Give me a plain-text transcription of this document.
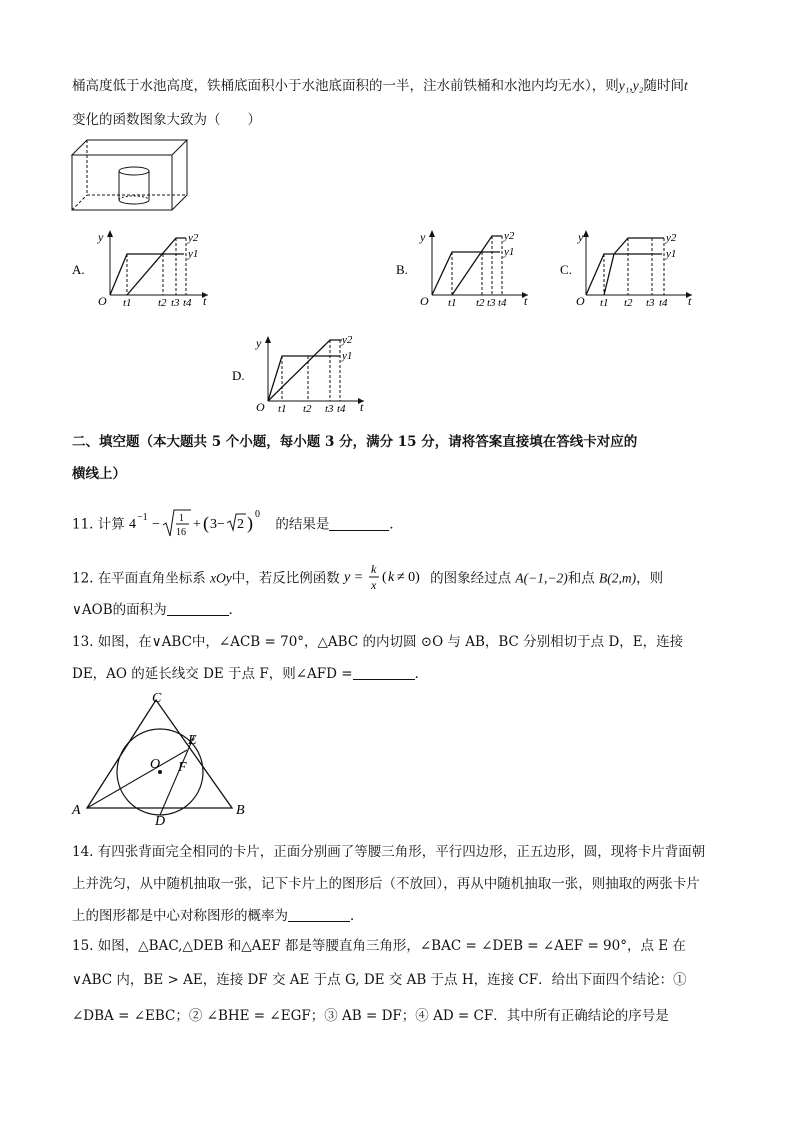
桶高度低于水池高度，铁桶底面积小于水池底面积的一半，注水前铁桶和水池内均无水），则y₁,y₂随时间t
变化的函数图象大致为（　　）
A.
y
O	t
y2
y1
t1 t2 t3 t4
B.
y
O	t
y2
y1
t1 t2 t3 t4
C.
y
O	t
y2
y1
t1 t2 t3 t4
D.
y
O	t
y2
y1
t1 t2 t3 t4
二、填空题（本大题共 5 个小题，每小题 3 分，满分 15 分，请将答案直接填在答线卡对应的
横线上）
11. 计算 4 −1 − 1
16
+ ( 3− 2 ) 0
的结果是	．
12. 在平面直角坐标系 xOy中，若反比例函数 y =
k
x ( k ≠ 0) 的图象经过点 A(−1,−2)和点 B(2,m)，则
∨AOB的面积为	．
13. 如图，在∨ABC中，∠ACB = 70°，△ABC 的内切圆 ⊙O 与 AB，BC 分别相切于点 D，E，连接
DE，AO 的延长线交 DE 于点 F，则∠AFD =	．
C
E
O F
A	B
D
14. 有四张背面完全相同的卡片，正面分别画了等腰三角形，平行四边形，正五边形，圆，现将卡片背面朝
上并洗匀，从中随机抽取一张，记下卡片上的图形后（不放回），再从中随机抽取一张，则抽取的两张卡片
上的图形都是中心对称图形的概率为	．
15. 如图，△BAC,△DEB 和△AEF 都是等腰直角三角形，∠BAC = ∠DEB = ∠AEF = 90°，点 E 在
∨ABC 内，BE > AE，连接 DF 交 AE 于点 G, DE 交 AB 于点 H，连接 CF．给出下面四个结论：①
∠DBA = ∠EBC；② ∠BHE = ∠EGF；③ AB = DF；④ AD = CF．其中所有正确结论的序号是
